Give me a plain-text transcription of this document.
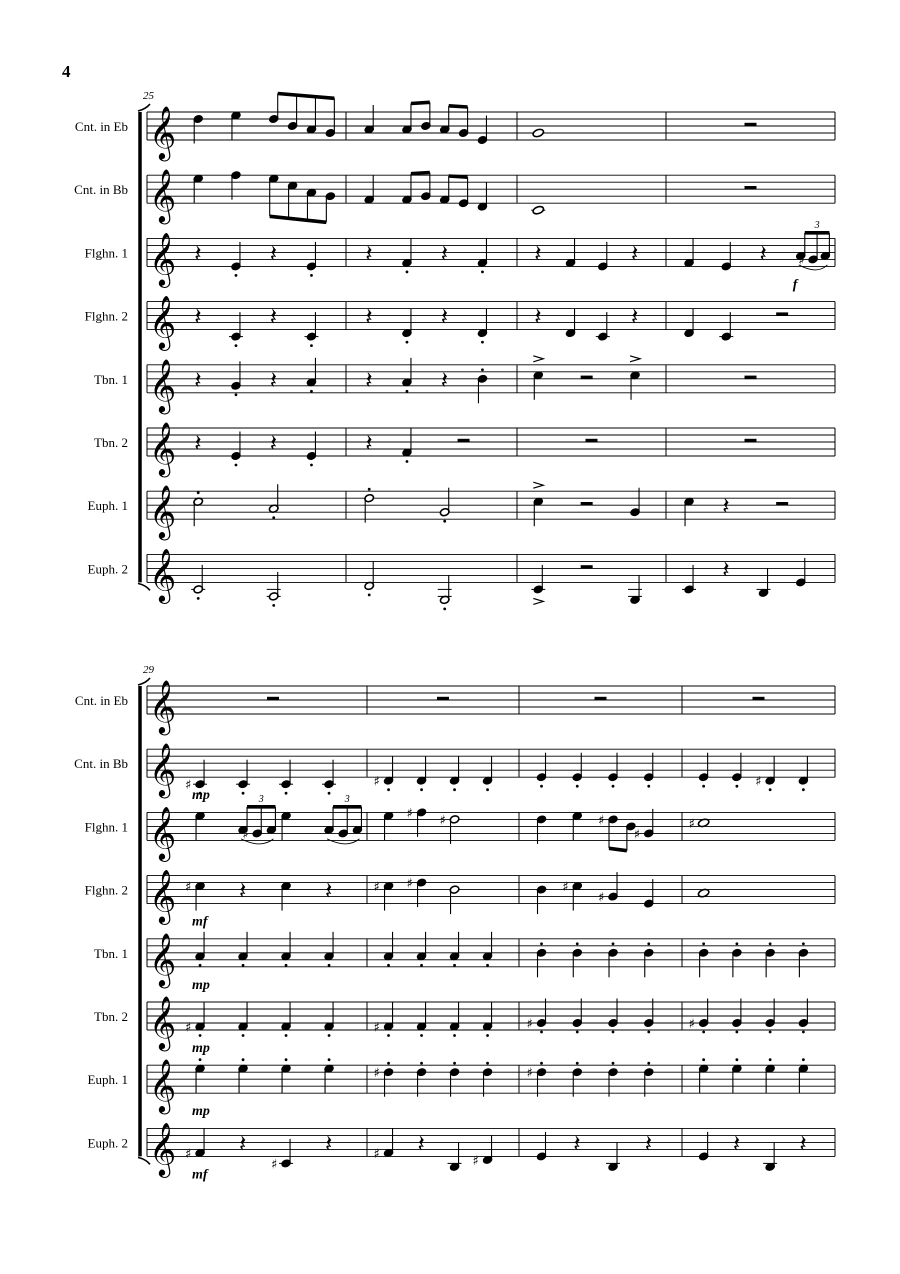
4
25
Cnt. in Eb 𝄞
Cnt. in Bb 𝄞
Flghn. 1 𝄞 𝄽	𝄽	𝄽	𝄽	𝄽	𝄽	𝄽 ♯
3
f
Flghn. 2 𝄞 𝄽	𝄽	𝄽	𝄽	𝄽	𝄽
Tbn. 1 𝄞 𝄽	𝄽	𝄽	𝄽
Tbn. 2 𝄞 𝄽	𝄽	𝄽
Euph. 1 𝄞	𝄽
Euph. 2 𝄞	𝄽
29
Cnt. in Eb 𝄞
Cnt. in Bb 𝄞 ♯
mp
♯	♯
Flghn. 1 𝄞	♯
3	3
♯ ♯	♯
♯
♯
Flghn. 2 𝄞	𝄽	𝄽
♯
mf
♯ ♯	♯
♯
Tbn. 1 𝄞 mp
Tbn. 2 𝄞 ♯
mp
♯	♯	♯
Euph. 1 𝄞 mp
♯	♯
Euph. 2 𝄞	𝄽	𝄽
♯
♯
mf
𝄽
♯	♯
𝄽	𝄽	𝄽 𝄽
